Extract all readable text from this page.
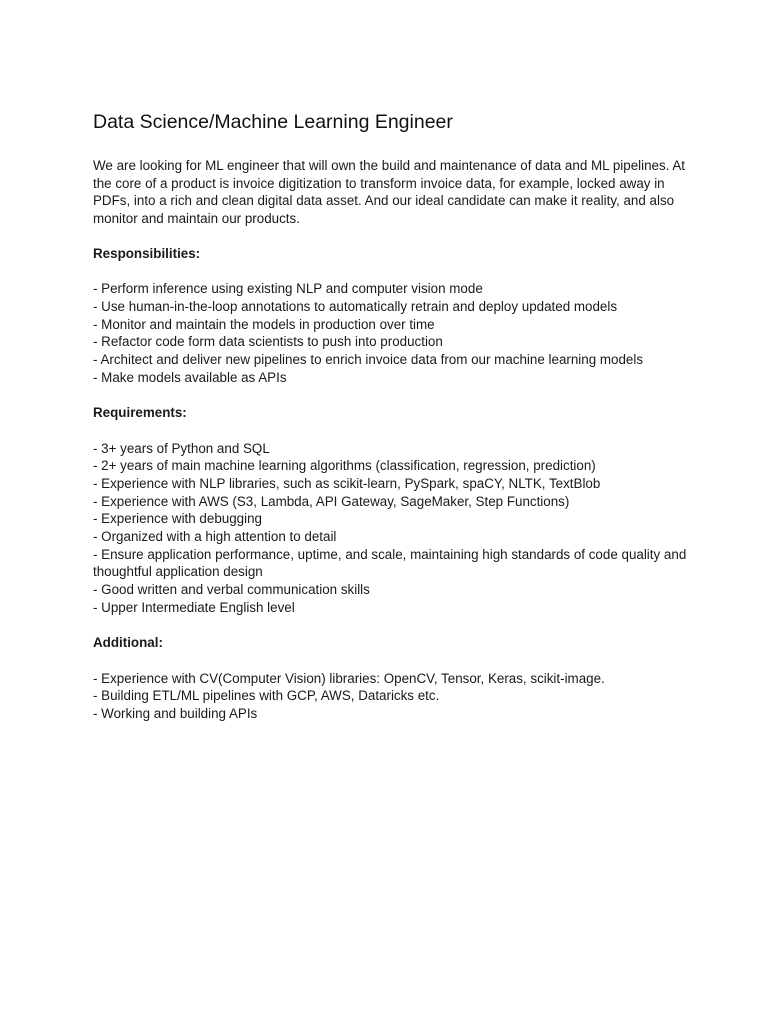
Data Science/Machine Learning Engineer

We are looking for ML engineer that will own the build and maintenance of data and ML pipelines. At the core of a product is invoice digitization to transform invoice data, for example, locked away in PDFs, into a rich and clean digital data asset. And our ideal candidate can make it reality, and also monitor and maintain our products.

Responsibilities:
- Perform inference using existing NLP and computer vision mode
- Use human-in-the-loop annotations to automatically retrain and deploy updated models
- Monitor and maintain the models in production over time
- Refactor code form data scientists to push into production
- Architect and deliver new pipelines to enrich invoice data from our machine learning models
- Make models available as APIs
Requirements:
- 3+ years of Python and SQL
- 2+ years of main machine learning algorithms (classification, regression, prediction)
- Experience with NLP libraries, such as scikit-learn, PySpark, spaCY, NLTK, TextBlob
- Experience with AWS (S3, Lambda, API Gateway, SageMaker, Step Functions)
- Experience with debugging
- Organized with a high attention to detail
- Ensure application performance, uptime, and scale, maintaining high standards of code quality and thoughtful application design
- Good written and verbal communication skills
- Upper Intermediate English level
Additional:
- Experience with CV(Computer Vision) libraries: OpenCV, Tensor, Keras, scikit-image.
- Building ETL/ML pipelines with GCP, AWS, Dataricks etc.
- Working and building APIs
